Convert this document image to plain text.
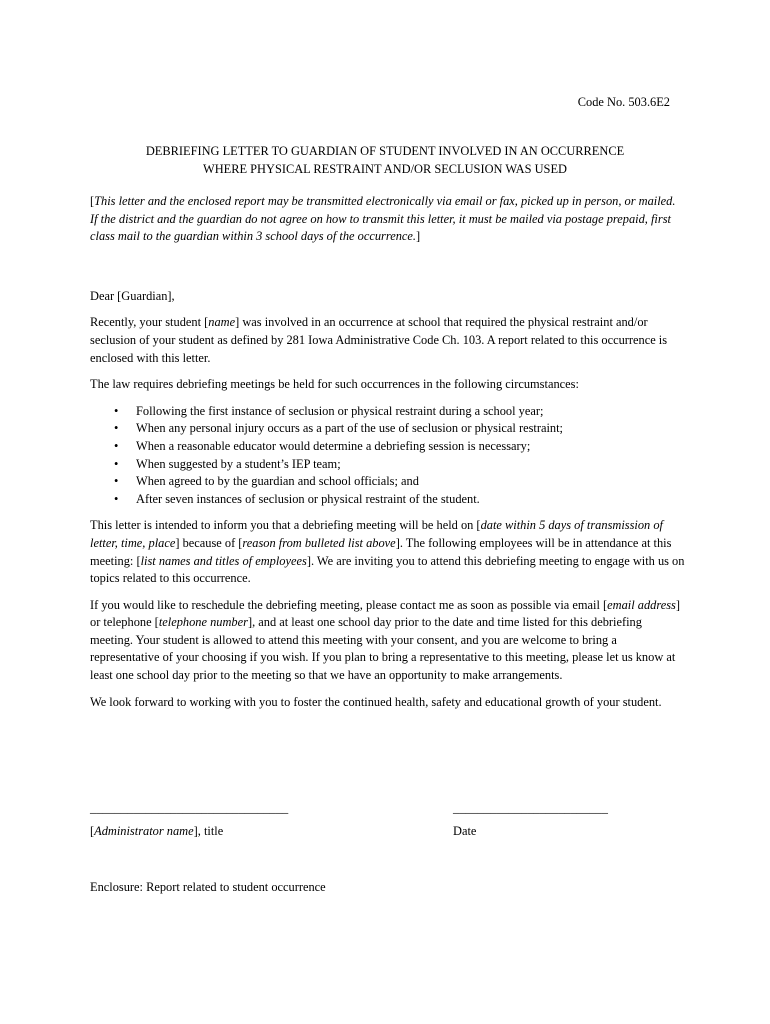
Code No. 503.6E2
DEBRIEFING LETTER TO GUARDIAN OF STUDENT INVOLVED IN AN OCCURRENCE
WHERE PHYSICAL RESTRAINT AND/OR SECLUSION WAS USED

[This letter and the enclosed report may be transmitted electronically via email or fax, picked up in person, or mailed. If the district and the guardian do not agree on how to transmit this letter, it must be mailed via postage prepaid, first class mail to the guardian within 3 school days of the occurrence.]

Dear [Guardian],

Recently, your student [name] was involved in an occurrence at school that required the physical restraint and/or seclusion of your student as defined by 281 Iowa Administrative Code Ch. 103. A report related to this occurrence is enclosed with this letter.

The law requires debriefing meetings be held for such occurrences in the following circumstances:

• Following the first instance of seclusion or physical restraint during a school year;
• When any personal injury occurs as a part of the use of seclusion or physical restraint;
• When a reasonable educator would determine a debriefing session is necessary;
• When suggested by a student’s IEP team;
• When agreed to by the guardian and school officials; and
• After seven instances of seclusion or physical restraint of the student.

This letter is intended to inform you that a debriefing meeting will be held on [date within 5 days of transmission of letter, time, place] because of [reason from bulleted list above]. The following employees will be in attendance at this meeting: [list names and titles of employees]. We are inviting you to attend this debriefing meeting to engage with us on topics related to this occurrence.

If you would like to reschedule the debriefing meeting, please contact me as soon as possible via email [email address] or telephone [telephone number], and at least one school day prior to the date and time listed for this debriefing meeting. Your student is allowed to attend this meeting with your consent, and you are welcome to bring a representative of your choosing if you wish. If you plan to bring a representative to this meeting, please let us know at least one school day prior to the meeting so that we have an opportunity to make arrangements.

We look forward to working with you to foster the continued health, safety and educational growth of your student.

________________________________	_________________________
[Administrator name], title	Date
Enclosure: Report related to student occurrence
